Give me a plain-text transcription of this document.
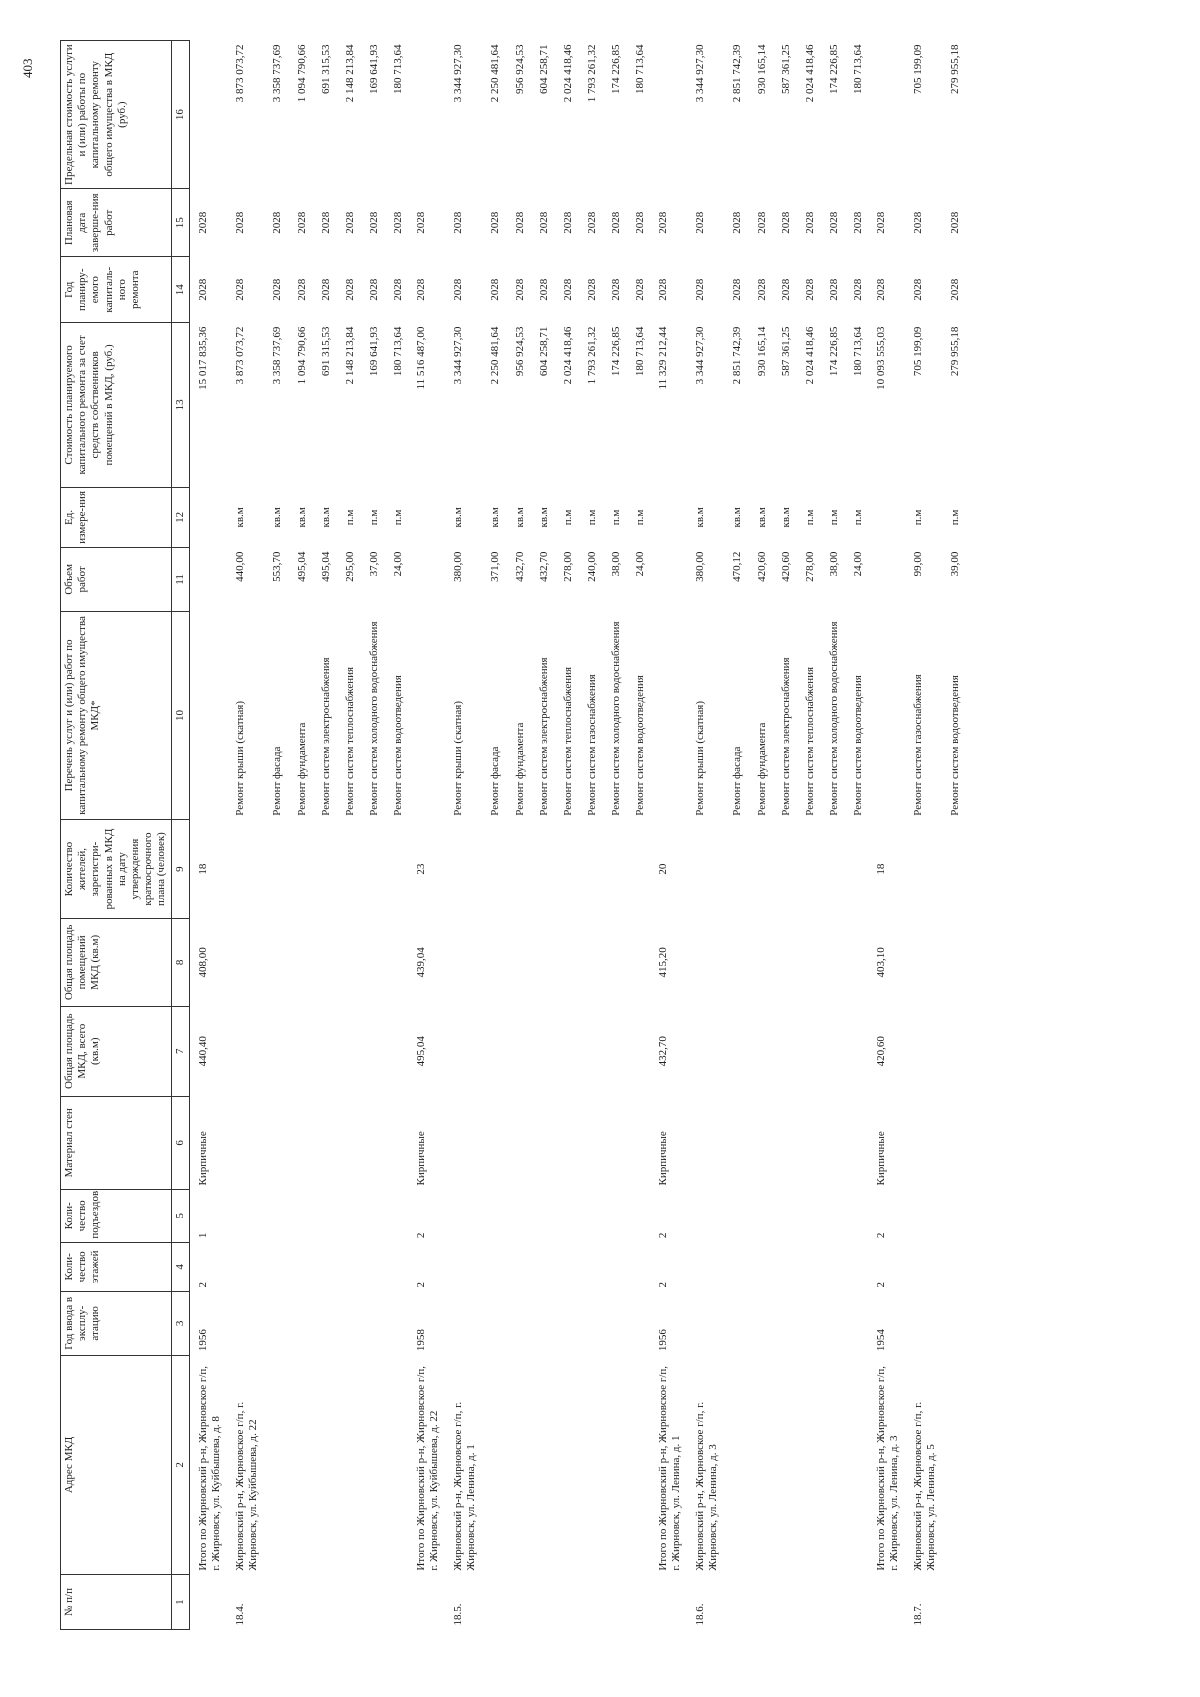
403
№ п/п	Адрес МКД	Год ввода в эксплу-атацию	Коли-чество этажей	Коли-чество подъездов	Материал стен	Общая площадь МКД, всего (кв.м)	Общая площадь помещений МКД (кв.м)	Количество жителей, зарегистри-рованных в МКД на дату утверждения краткосрочного плана (человек)	Перечень услуг и (или) работ по капитальному ремонту общего имущества МКД*	Объем работ	Ед. измере-ния	Стоимость планируемого капитального ремонта за счет средств собственников помещений в МКД, (руб.)	Год планиру-емого капиталь-ного ремонта	Плановая дата заверше-ния работ	Предельная стоимость услуги и (или) работы по капитальному ремонту общего имущества в МКД (руб.)
1	2	3	4	5	6	7	8	9	10	11	12	13	14	15	16
	Итого по Жирновский р-н, Жирновское г/п, г. Жирновск, ул. Куйбышева, д. 8	1956	2	1	Кирпичные	440,40	408,00	18				15 017 835,36	2028	2028	
18.4.	Жирновский р-н, Жирновское г/п, г. Жирновск, ул. Куйбышева, д. 22								Ремонт крыши (скатная)	440,00	кв.м	3 873 073,72	2028	2028	3 873 073,72
									Ремонт фасада	553,70	кв.м	3 358 737,69	2028	2028	3 358 737,69
									Ремонт фундамента	495,04	кв.м	1 094 790,66	2028	2028	1 094 790,66
									Ремонт систем электроснабжения	495,04	кв.м	691 315,53	2028	2028	691 315,53
									Ремонт систем теплоснабжения	295,00	п.м	2 148 213,84	2028	2028	2 148 213,84
									Ремонт систем холодного водоснабжения	37,00	п.м	169 641,93	2028	2028	169 641,93
									Ремонт систем водоотведения	24,00	п.м	180 713,64	2028	2028	180 713,64
	Итого по Жирновский р-н, Жирновское г/п, г. Жирновск, ул. Куйбышева, д. 22	1958	2	2	Кирпичные	495,04	439,04	23				11 516 487,00	2028	2028	
18.5.	Жирновский р-н, Жирновское г/п, г. Жирновск, ул. Ленина, д. 1								Ремонт крыши (скатная)	380,00	кв.м	3 344 927,30	2028	2028	3 344 927,30
									Ремонт фасада	371,00	кв.м	2 250 481,64	2028	2028	2 250 481,64
									Ремонт фундамента	432,70	кв.м	956 924,53	2028	2028	956 924,53
									Ремонт систем электроснабжения	432,70	кв.м	604 258,71	2028	2028	604 258,71
									Ремонт систем теплоснабжения	278,00	п.м	2 024 418,46	2028	2028	2 024 418,46
									Ремонт систем газоснабжения	240,00	п.м	1 793 261,32	2028	2028	1 793 261,32
									Ремонт систем холодного водоснабжения	38,00	п.м	174 226,85	2028	2028	174 226,85
									Ремонт систем водоотведения	24,00	п.м	180 713,64	2028	2028	180 713,64
	Итого по Жирновский р-н, Жирновское г/п, г. Жирновск, ул. Ленина, д. 1	1956	2	2	Кирпичные	432,70	415,20	20				11 329 212,44	2028	2028	
18.6.	Жирновский р-н, Жирновское г/п, г. Жирновск, ул. Ленина, д. 3								Ремонт крыши (скатная)	380,00	кв.м	3 344 927,30	2028	2028	3 344 927,30
									Ремонт фасада	470,12	кв.м	2 851 742,39	2028	2028	2 851 742,39
									Ремонт фундамента	420,60	кв.м	930 165,14	2028	2028	930 165,14
									Ремонт систем электроснабжения	420,60	кв.м	587 361,25	2028	2028	587 361,25
									Ремонт систем теплоснабжения	278,00	п.м	2 024 418,46	2028	2028	2 024 418,46
									Ремонт систем холодного водоснабжения	38,00	п.м	174 226,85	2028	2028	174 226,85
									Ремонт систем водоотведения	24,00	п.м	180 713,64	2028	2028	180 713,64
	Итого по Жирновский р-н, Жирновское г/п, г. Жирновск, ул. Ленина, д. 3	1954	2	2	Кирпичные	420,60	403,10	18				10 093 555,03	2028	2028	
18.7.	Жирновский р-н, Жирновское г/п, г. Жирновск, ул. Ленина, д. 5								Ремонт систем газоснабжения	99,00	п.м	705 199,09	2028	2028	705 199,09
									Ремонт систем водоотведения	39,00	п.м	279 955,18	2028	2028	279 955,18
